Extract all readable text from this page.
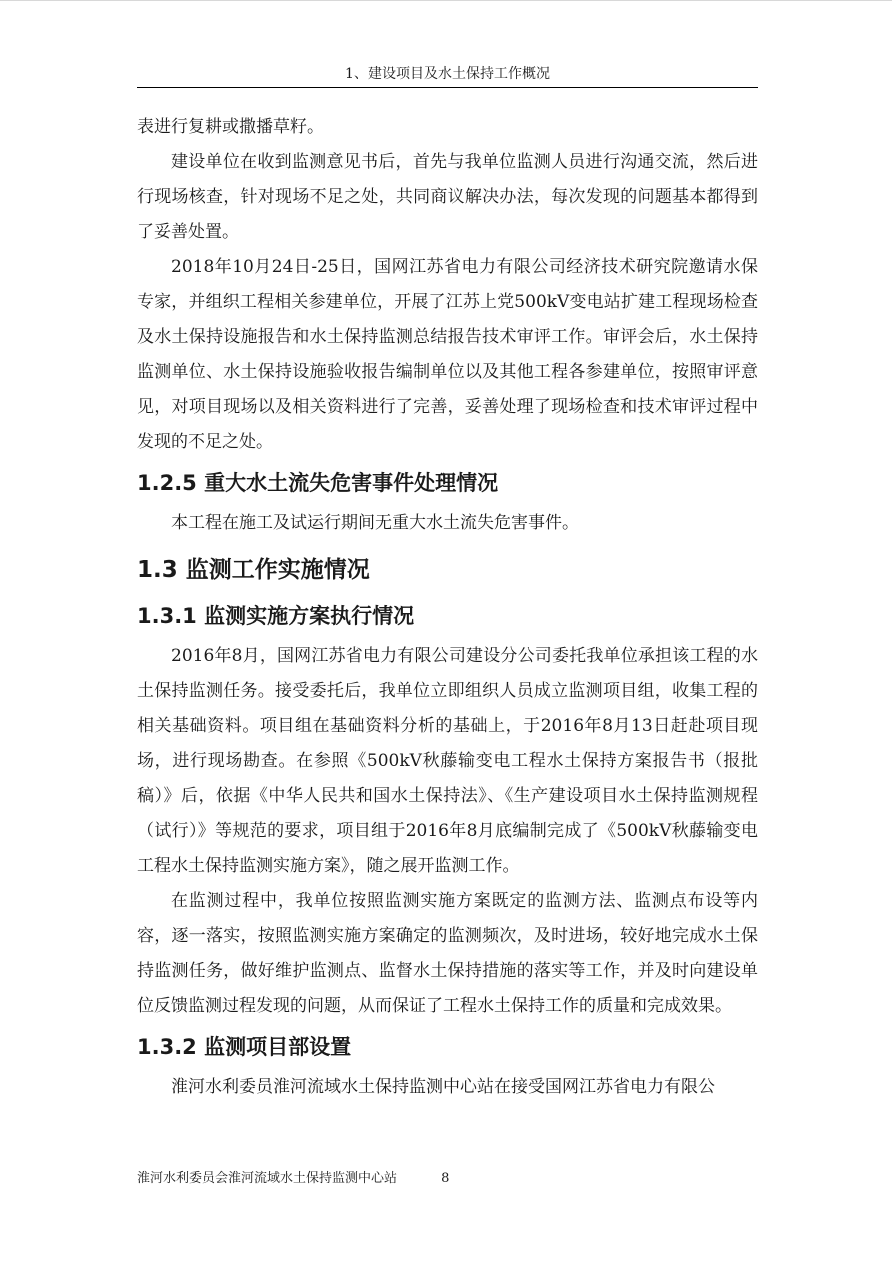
1、建设项目及水土保持工作概况

表进行复耕或撒播草籽。

建设单位在收到监测意见书后，首先与我单位监测人员进行沟通交流，然后进行现场核查，针对现场不足之处，共同商议解决办法，每次发现的问题基本都得到了妥善处置。

2018年10月24日-25日，国网江苏省电力有限公司经济技术研究院邀请水保专家，并组织工程相关参建单位，开展了江苏上党500kV变电站扩建工程现场检查及水土保持设施报告和水土保持监测总结报告技术审评工作。审评会后，水土保持监测单位、水土保持设施验收报告编制单位以及其他工程各参建单位，按照审评意见，对项目现场以及相关资料进行了完善，妥善处理了现场检查和技术审评过程中发现的不足之处。

1.2.5 重大水土流失危害事件处理情况

本工程在施工及试运行期间无重大水土流失危害事件。

1.3 监测工作实施情况
1.3.1 监测实施方案执行情况

2016年8月，国网江苏省电力有限公司建设分公司委托我单位承担该工程的水土保持监测任务。接受委托后，我单位立即组织人员成立监测项目组，收集工程的相关基础资料。项目组在基础资料分析的基础上，于2016年8月13日赶赴项目现场，进行现场勘查。在参照《500kV秋藤输变电工程水土保持方案报告书（报批稿）》后，依据《中华人民共和国水土保持法》、《生产建设项目水土保持监测规程（试行）》等规范的要求，项目组于2016年8月底编制完成了《500kV秋藤输变电工程水土保持监测实施方案》，随之展开监测工作。

在监测过程中，我单位按照监测实施方案既定的监测方法、监测点布设等内容，逐一落实，按照监测实施方案确定的监测频次，及时进场，较好地完成水土保持监测任务，做好维护监测点、监督水土保持措施的落实等工作，并及时向建设单位反馈监测过程发现的问题，从而保证了工程水土保持工作的质量和完成效果。

1.3.2 监测项目部设置

淮河水利委员淮河流域水土保持监测中心站在接受国网江苏省电力有限公

淮河水利委员会淮河流域水土保持监测中心站	8
